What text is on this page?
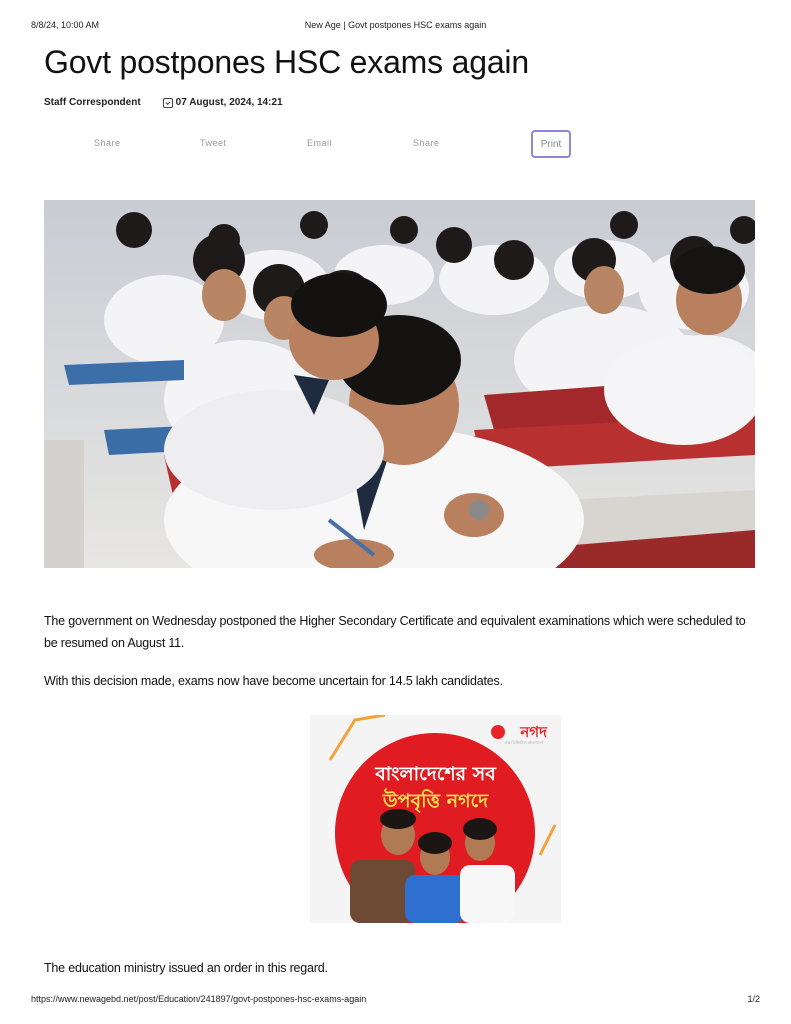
8/8/24, 10:00 AM	New Age | Govt postpones HSC exams again
Govt postpones HSC exams again
Staff Correspondent	07 August, 2024, 14:21
Share	Tweet	Email	Share	Print

The government on Wednesday postponed the Higher Secondary Certificate and equivalent examinations which were scheduled to be resumed on August 11.

With this decision made, exams now have become uncertain for 14.5 lakh candidates.

নগদ
এক ডিজিটাল বাংলাদেশ
বাংলাদেশের সব
উপবৃত্তি নগদে

The education ministry issued an order in this regard.

https://www.newagebd.net/post/Education/241897/govt-postpones-hsc-exams-again	1/2
